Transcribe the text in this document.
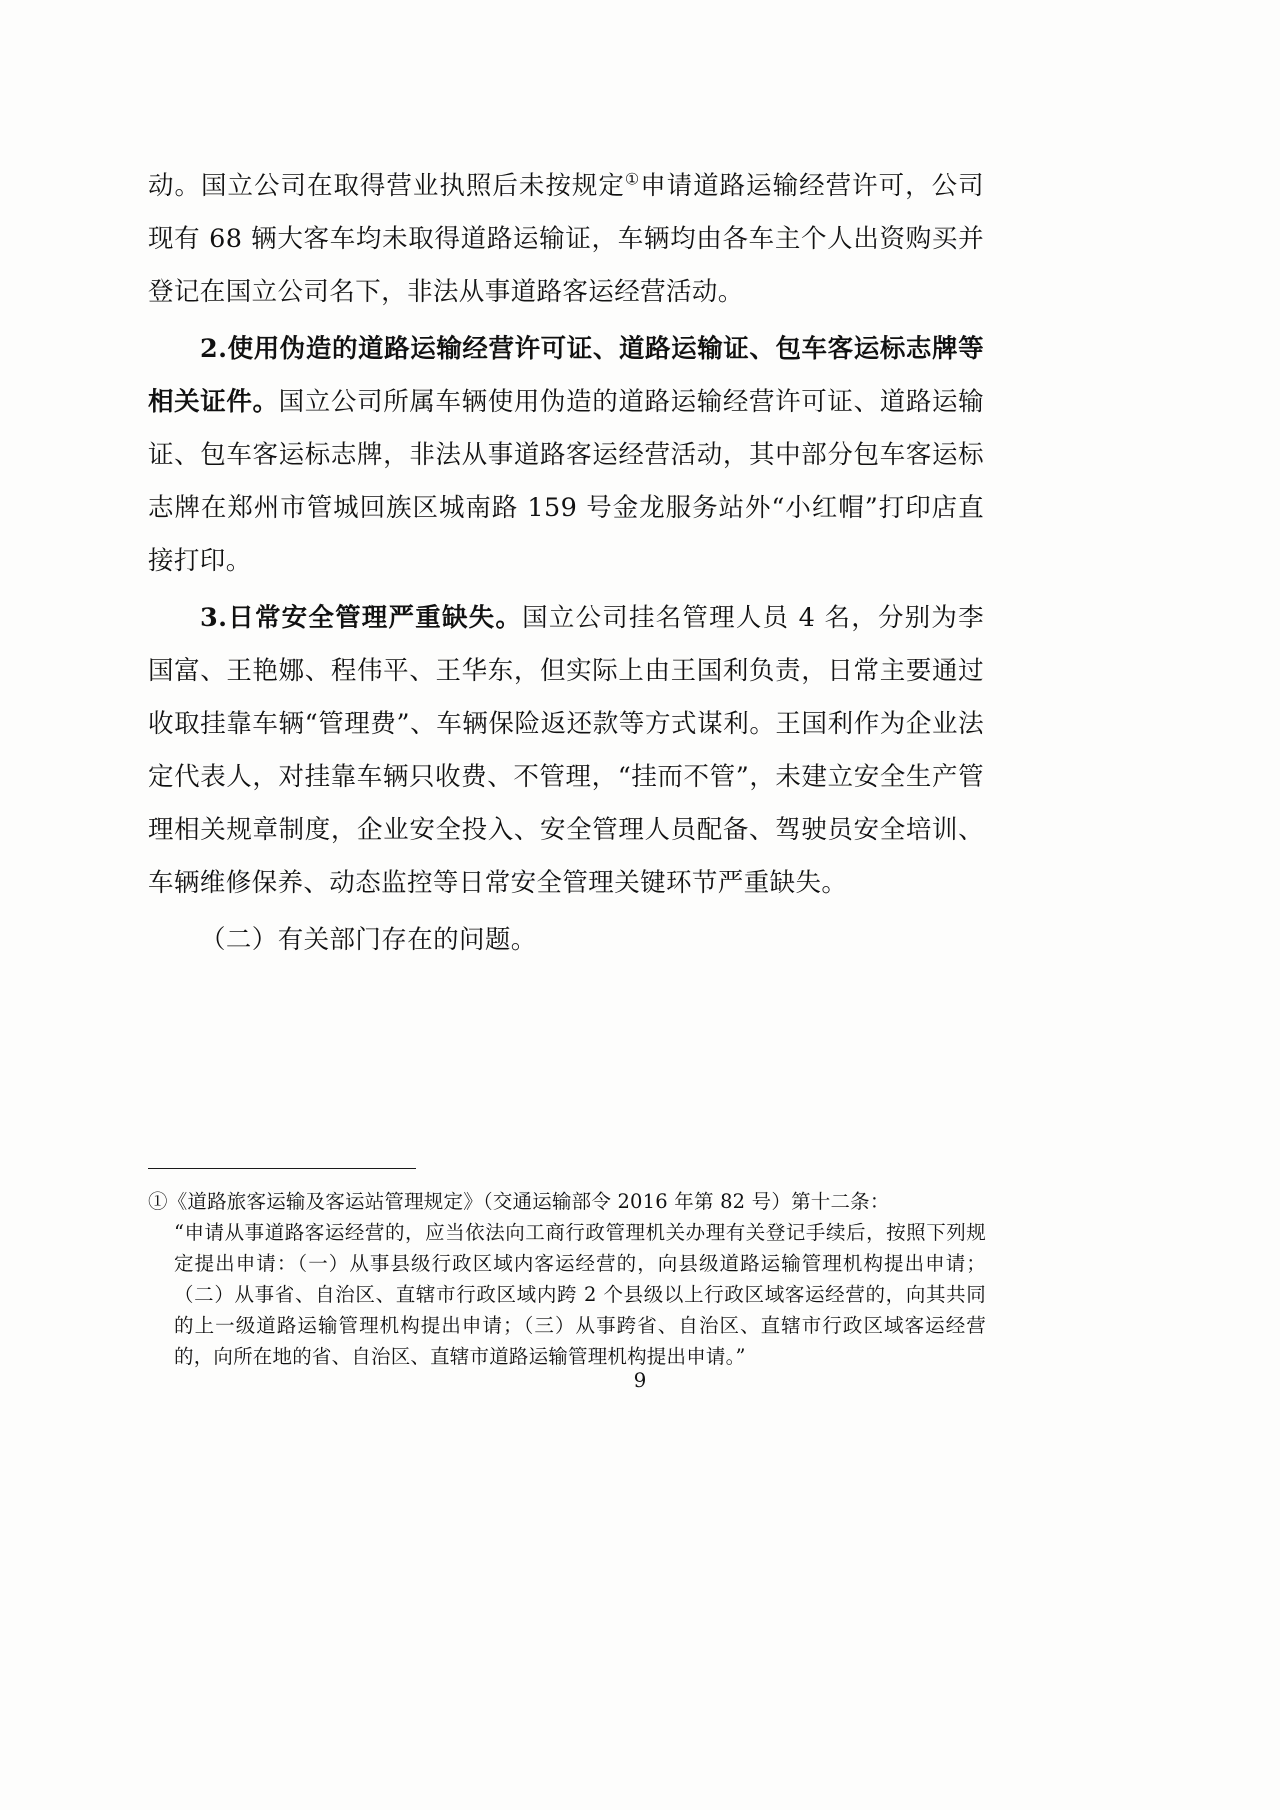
动。国立公司在取得营业执照后未按规定①申请道路运输经营许可，公司现有 68 辆大客车均未取得道路运输证，车辆均由各车主个人出资购买并登记在国立公司名下，非法从事道路客运经营活动。

2.使用伪造的道路运输经营许可证、道路运输证、包车客运标志牌等相关证件。国立公司所属车辆使用伪造的道路运输经营许可证、道路运输证、包车客运标志牌，非法从事道路客运经营活动，其中部分包车客运标志牌在郑州市管城回族区城南路 159 号金龙服务站外“小红帽”打印店直接打印。

3.日常安全管理严重缺失。国立公司挂名管理人员 4 名，分别为李国富、王艳娜、程伟平、王华东，但实际上由王国利负责，日常主要通过收取挂靠车辆“管理费”、车辆保险返还款等方式谋利。王国利作为企业法定代表人，对挂靠车辆只收费、不管理，“挂而不管”，未建立安全生产管理相关规章制度，企业安全投入、安全管理人员配备、驾驶员安全培训、车辆维修保养、动态监控等日常安全管理关键环节严重缺失。

（二）有关部门存在的问题。

①《道路旅客运输及客运站管理规定》（交通运输部令 2016 年第 82 号）第十二条：
“申请从事道路客运经营的，应当依法向工商行政管理机关办理有关登记手续后，按照下列规定提出申请：（一）从事县级行政区域内客运经营的，向县级道路运输管理机构提出申请；（二）从事省、自治区、直辖市行政区域内跨 2 个县级以上行政区域客运经营的，向其共同的上一级道路运输管理机构提出申请；（三）从事跨省、自治区、直辖市行政区域客运经营的，向所在地的省、自治区、直辖市道路运输管理机构提出申请。”
9
